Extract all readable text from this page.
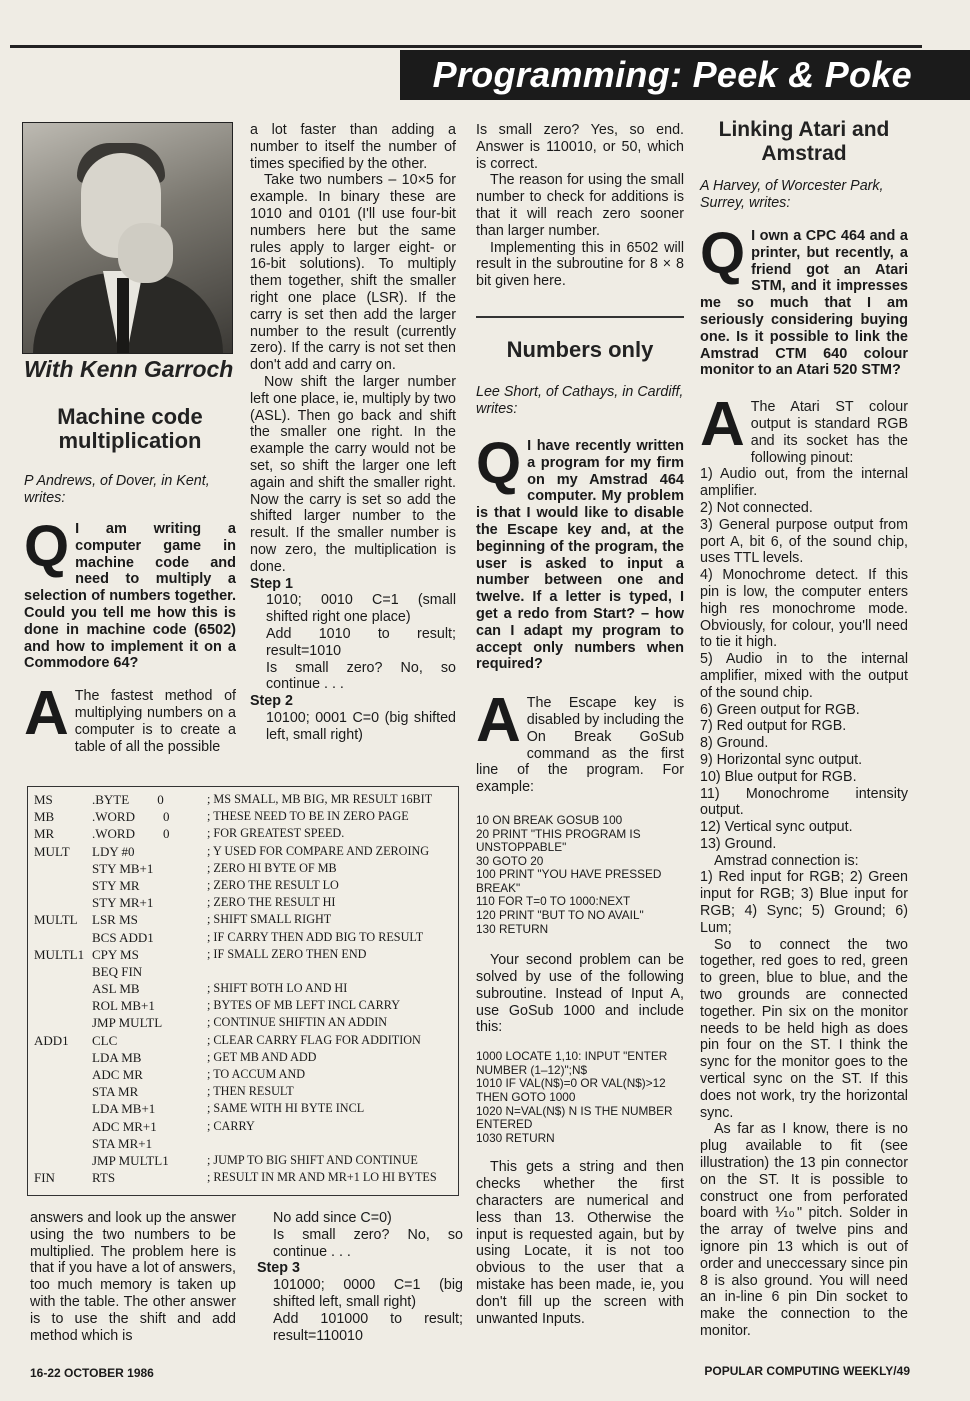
Programming: Peek & Poke
With Kenn Garroch
Machine code multiplication
P Andrews, of Dover, in Kent, writes:
Q I am writing a computer game in machine code and need to multiply a selection of numbers together. Could you tell me how this is done in machine code (6502) and how to implement it on a Commodore 64?

A The fastest method of multiplying numbers on a computer is to create a table of all the possible

a lot faster than adding a number to itself the number of times specified by the other.

Take two numbers – 10×5 for example. In binary these are 1010 and 0101 (I'll use four-bit numbers here but the same rules apply to larger eight- or 16-bit solutions). To multiply them together, shift the smaller right one place (LSR). If the carry is set then add the larger number to the result (currently zero). If the carry is not set then don't add and carry on.

Now shift the larger number left one place, ie, multiply by two (ASL). Then go back and shift the smaller one right. In the example the carry would not be set, so shift the larger one left again and shift the smaller right. Now the carry is set so add the shifted larger number to the result. If the smaller number is now zero, the multiplication is done.

Step 1

1010; 0010 C=1 (small shifted right one place)

Add 1010 to result; result=1010

Is small zero? No, so continue . . .

Step 2

10100; 0001 C=0 (big shifted left, small right)

MS	.BYTE 0	; MS SMALL, MB BIG, MR RESULT 16BIT
MB	.WORD 0	; THESE NEED TO BE IN ZERO PAGE
MR	.WORD 0	; FOR GREATEST SPEED.
MULT	LDY #0	; Y USED FOR COMPARE AND ZEROING
	STY MB+1	; ZERO HI BYTE OF MB
	STY MR	; ZERO THE RESULT LO
	STY MR+1	; ZERO THE RESULT HI
MULTL	LSR MS	; SHIFT SMALL RIGHT
	BCS ADD1	; IF CARRY THEN ADD BIG TO RESULT
MULTL1	CPY MS	; IF SMALL ZERO THEN END
	BEQ FIN	
	ASL MB	; SHIFT BOTH LO AND HI
	ROL MB+1	; BYTES OF MB LEFT INCL CARRY
	JMP MULTL	; CONTINUE SHIFTIN AN ADDIN
ADD1	CLC	; CLEAR CARRY FLAG FOR ADDITION
	LDA MB	; GET MB AND ADD
	ADC MR	; TO ACCUM AND
	STA MR	; THEN RESULT
	LDA MB+1	; SAME WITH HI BYTE INCL
	ADC MR+1	; CARRY
	STA MR+1	
	JMP MULTL1	; JUMP TO BIG SHIFT AND CONTINUE
FIN	RTS	; RESULT IN MR AND MR+1 LO HI BYTES

answers and look up the answer using the two numbers to be multiplied. The problem here is that if you have a lot of answers, too much memory is taken up with the table. The other answer is to use the shift and add method which is

No add since C=0)

Is small zero? No, so continue . . .

Step 3

101000; 0000 C=1 (big shifted left, small right)

Add 101000 to result; result=110010

Is small zero? Yes, so end. Answer is 110010, or 50, which is correct.

The reason for using the small number to check for additions is that it will reach zero sooner than larger number.

Implementing this in 6502 will result in the subroutine for 8 × 8 bit given here.

Numbers only
Lee Short, of Cathays, in Cardiff, writes:
Q I have recently written a program for my firm on my Amstrad 464 computer. My problem is that I would like to disable the Escape key and, at the beginning of the program, the user is asked to input a number between one and twelve. If a letter is typed, I get a redo from Start? – how can I adapt my program to accept only numbers when required?

A The Escape key is disabled by including the On Break GoSub command as the first line of the program. For example:

10 ON BREAK GOSUB 100
20 PRINT "THIS PROGRAM IS UNSTOPPABLE"
30 GOTO 20
100 PRINT "YOU HAVE PRESSED BREAK"
110 FOR T=0 TO 1000:NEXT
120 PRINT "BUT TO NO AVAIL"
130 RETURN

Your second problem can be solved by use of the following subroutine. Instead of Input A, use GoSub 1000 and include this:

1000 LOCATE 1,10: INPUT "ENTER NUMBER (1–12)";N$
1010 IF VAL(N$)=0 OR VAL(N$)>12 THEN GOTO 1000
1020 N=VAL(N$) N IS THE NUMBER ENTERED
1030 RETURN

This gets a string and then checks whether the first characters are numerical and less than 13. Otherwise the input is requested again, but by using Locate, it is not too obvious to the user that a mistake has been made, ie, you don't fill up the screen with unwanted Inputs.

Linking Atari and Amstrad
A Harvey, of Worcester Park, Surrey, writes:
Q I own a CPC 464 and a printer, but recently, a friend got an Atari STM, and it impresses me so much that I am seriously considering buying one. Is it possible to link the Amstrad CTM 640 colour monitor to an Atari 520 STM?

A The Atari ST colour output is standard RGB and its socket has the following pinout:

1) Audio out, from the internal amplifier.

2) Not connected.

3) General purpose output from port A, bit 6, of the sound chip, uses TTL levels.

4) Monochrome detect. If this pin is low, the computer enters high res monochrome mode. Obviously, for colour, you'll need to tie it high.

5) Audio in to the internal amplifier, mixed with the output of the sound chip.

6) Green output for RGB.

7) Red output for RGB.

8) Ground.

9) Horizontal sync output.

10) Blue output for RGB.

11) Monochrome intensity output.

12) Vertical sync output.

13) Ground.

Amstrad connection is:

1) Red input for RGB; 2) Green input for RGB; 3) Blue input for RGB; 4) Sync; 5) Ground; 6) Lum;

So to connect the two together, red goes to red, green to green, blue to blue, and the two grounds are connected together. Pin six on the monitor needs to be held high as does pin four on the ST. I think the sync for the monitor goes to the vertical sync on the ST. If this does not work, try the horizontal sync.

As far as I know, there is no plug available to fit (see illustration) the 13 pin connector on the ST. It is possible to construct one from perforated board with ⅒" pitch. Solder in the array of twelve pins and ignore pin 13 which is out of order and uneccessary since pin 8 is also ground. You will need an in-line 6 pin Din socket to make the connection to the monitor.

16-22 OCTOBER 1986	POPULAR COMPUTING WEEKLY/49
